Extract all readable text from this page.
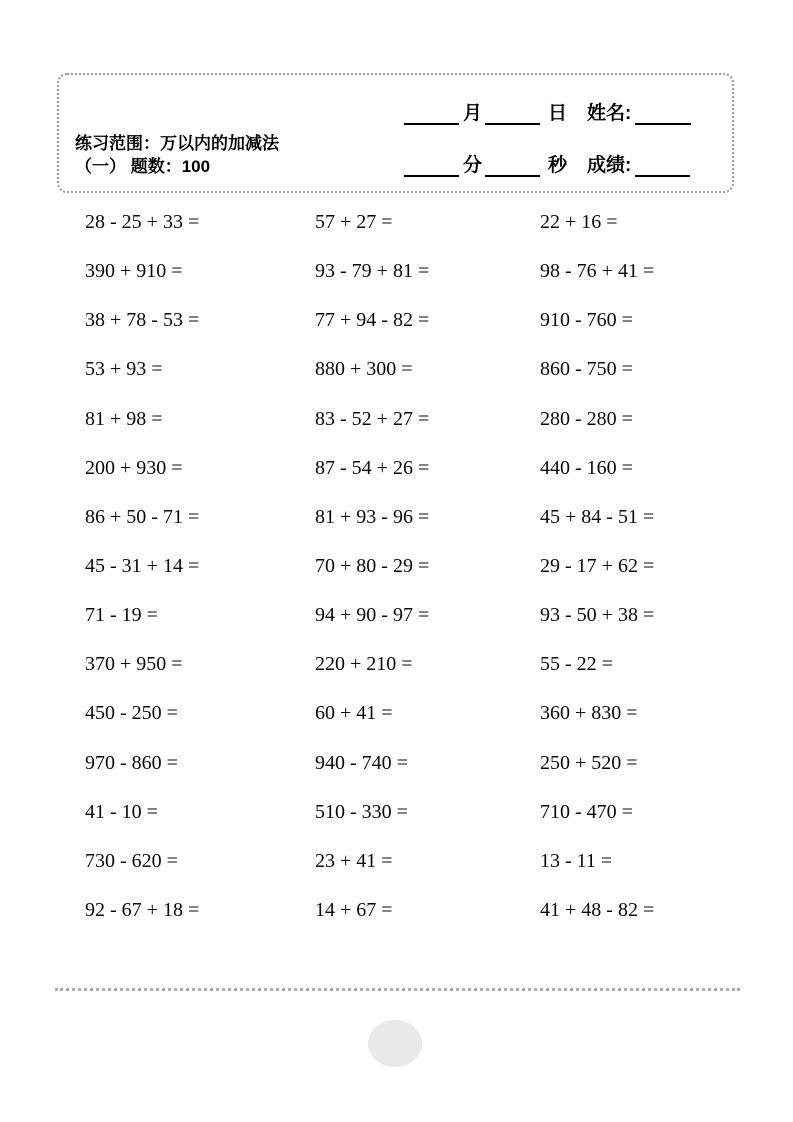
练习范围：万以内的加减法
（一） 题数：100
月	日 姓名:
分	秒 成绩:
28 - 25 + 33 =	57 + 27 =	22 + 16 =
390 + 910 =	93 - 79 + 81 =	98 - 76 + 41 =
38 + 78 - 53 =	77 + 94 - 82 =	910 - 760 =
53 + 93 =	880 + 300 =	860 - 750 =
81 + 98 =	83 - 52 + 27 =	280 - 280 =
200 + 930 =	87 - 54 + 26 =	440 - 160 =
86 + 50 - 71 =	81 + 93 - 96 =	45 + 84 - 51 =
45 - 31 + 14 =	70 + 80 - 29 =	29 - 17 + 62 =
71 - 19 =	94 + 90 - 97 =	93 - 50 + 38 =
370 + 950 =	220 + 210 =	55 - 22 =
450 - 250 =	60 + 41 =	360 + 830 =
970 - 860 =	940 - 740 =	250 + 520 =
41 - 10 =	510 - 330 =	710 - 470 =
730 - 620 =	23 + 41 =	13 - 11 =
92 - 67 + 18 =	14 + 67 =	41 + 48 - 82 =
